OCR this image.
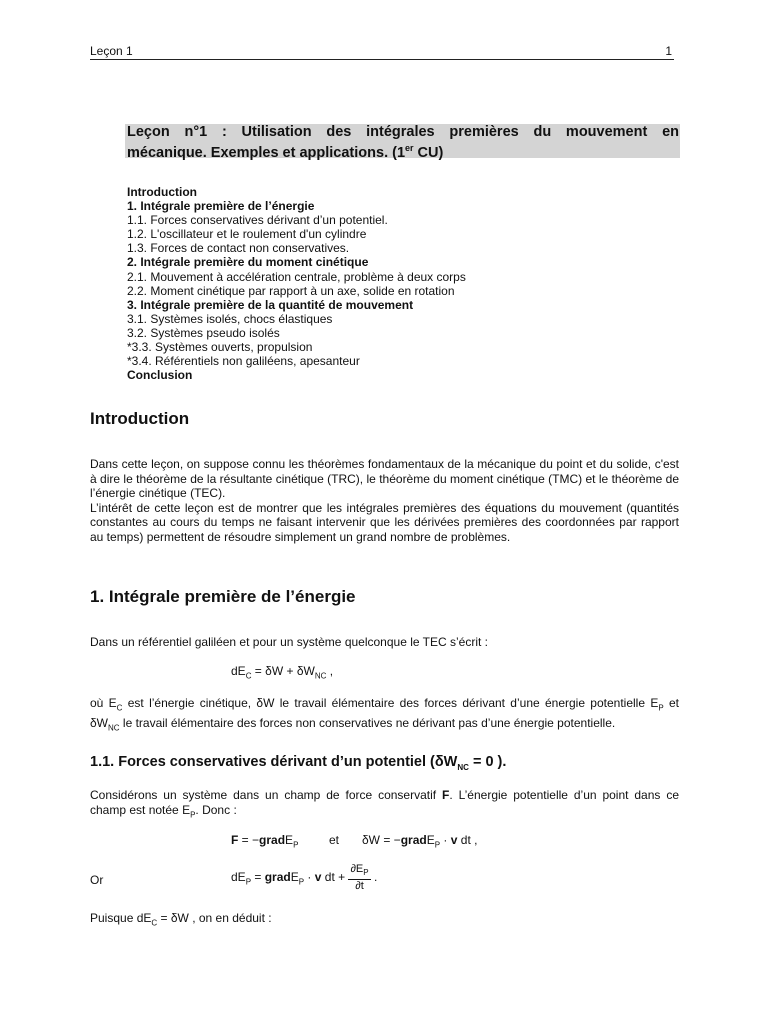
Leçon 1	1
Leçon n°1 : Utilisation des intégrales premières du mouvement en
mécanique. Exemples et applications. (1er CU)
Introduction
1. Intégrale première de l’énergie
1.1. Forces conservatives dérivant d’un potentiel.
1.2. L'oscillateur et le roulement d'un cylindre
1.3. Forces de contact non conservatives.
2. Intégrale première du moment cinétique
2.1. Mouvement à accélération centrale, problème à deux corps
2.2. Moment cinétique par rapport à un axe, solide en rotation
3. Intégrale première de la quantité de mouvement
3.1. Systèmes isolés, chocs élastiques
3.2. Systèmes pseudo isolés
*3.3. Systèmes ouverts, propulsion
*3.4. Référentiels non galiléens, apesanteur
Conclusion
Introduction

Dans cette leçon, on suppose connu les théorèmes fondamentaux de la mécanique du point et du solide, c'est à dire le théorème de la résultante cinétique (TRC), le théorème du moment cinétique (TMC) et le théorème de l’énergie cinétique (TEC).

L’intérêt de cette leçon est de montrer que les intégrales premières des équations du mouvement (quantités constantes au cours du temps ne faisant intervenir que les dérivées premières des coordonnées par rapport au temps) permettent de résoudre simplement un grand nombre de problèmes.

1. Intégrale première de l’énergie
Dans un référentiel galiléen et pour un système quelconque le TEC s’écrit :
$dE_C = \delta W + \delta W_{NC}$ ,
où $E_C$ est l’énergie cinétique, δW le travail élémentaire des forces dérivant d’une énergie potentielle $E_P$ et $\delta W_{NC}$ le travail élémentaire des forces non conservatives ne dérivant pas d’une énergie potentielle.
1.1. Forces conservatives dérivant d’un potentiel ($\delta W_{NC} = 0$ ).
Considérons un système dans un champ de force conservatif F. L’énergie potentielle d’un point dans ce champ est notée $E_P$. Donc :
F = −gradE$_P$	et δW = −gradE$_P$ · v dt ,
Or	$dE_P$ = gradE$_P$ · v dt + $\frac{\partial E_P}{\partial t}$ .
Puisque $dE_C = \delta W$ , on en déduit :
